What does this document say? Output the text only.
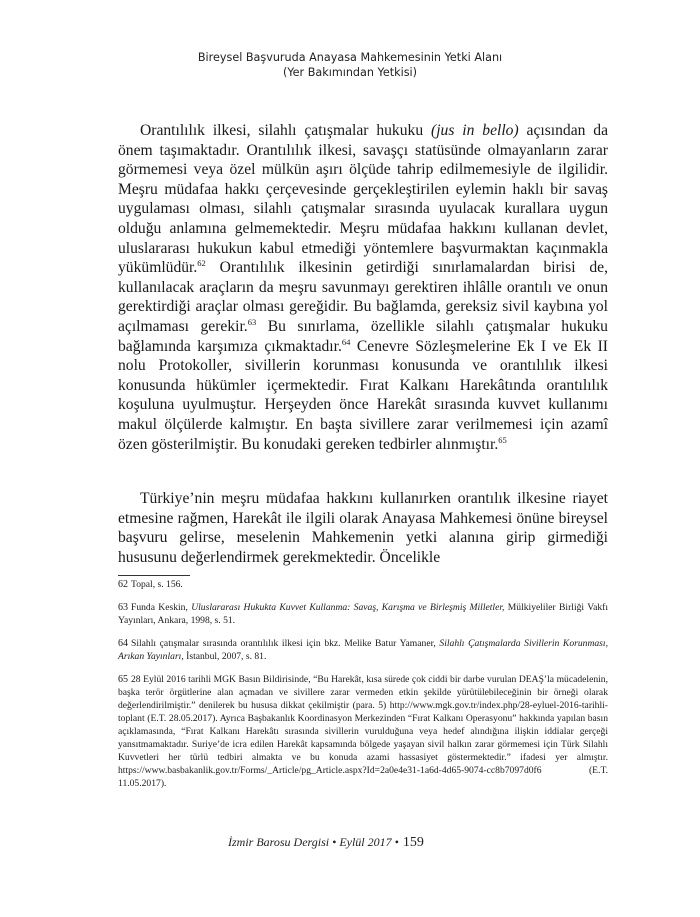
Bireysel Başvuruda Anayasa Mahkemesinin Yetki Alanı
(Yer Bakımından Yetkisi)

Orantılılık ilkesi, silahlı çatışmalar hukuku (jus in bello) açısından da önem taşımaktadır. Orantılılık ilkesi, savaşçı statüsünde olmayanların zarar görmemesi veya özel mülkün aşırı ölçüde tahrip edilmemesiyle de ilgilidir. Meşru müdafaa hakkı çerçevesinde gerçekleştirilen eylemin haklı bir savaş uygulaması olması, silahlı çatışmalar sırasında uyulacak kurallara uygun olduğu anlamına gelmemektedir. Meşru müdafaa hakkını kullanan devlet, uluslararası hukukun kabul etmediği yöntemlere başvurmaktan kaçınmakla yükümlüdür.$^{62}$ Orantılılık ilkesinin getirdiği sınırlamalardan birisi de, kullanılacak araçların da meşru savunmayı gerektiren ihlâlle orantılı ve onun gerektirdiği araçlar olması gereğidir. Bu bağlamda, gereksiz sivil kaybına yol açılmaması gerekir.$^{63}$ Bu sınırlama, özellikle silahlı çatışmalar hukuku bağlamında karşımıza çıkmaktadır.$^{64}$ Cenevre Sözleşmelerine Ek I ve Ek II nolu Protokoller, sivillerin korunması konusunda ve orantılılık ilkesi konusunda hükümler içermektedir. Fırat Kalkanı Harekâtında orantılılık koşuluna uyulmuştur. Herşeyden önce Harekât sırasında kuvvet kullanımı makul ölçülerde kalmıştır. En başta sivillere zarar verilmemesi için azamî özen gösterilmiştir. Bu konudaki gereken tedbirler alınmıştır.$^{65}$

Türkiye’nin meşru müdafaa hakkını kullanırken orantılık ilkesine riayet etmesine rağmen, Harekât ile ilgili olarak Anayasa Mahkemesi önüne bireysel başvuru gelirse, meselenin Mahkemenin yetki alanına girip girmediği hususunu değerlendirmek gerekmektedir. Öncelikle

62 Topal, s. 156.

63 Funda Keskin, Uluslararası Hukukta Kuvvet Kullanma: Savaş, Karışma ve Birleşmiş Milletler, Mülkiyeliler Birliği Vakfı Yayınları, Ankara, 1998, s. 51.

64 Silahlı çatışmalar sırasında orantılılık ilkesi için bkz. Melike Batur Yamaner, Silahlı Çatışmalarda Sivillerin Korunması, Arıkan Yayınları, İstanbul, 2007, s. 81.

65 28 Eylül 2016 tarihli MGK Basın Bildirisinde, “Bu Harekât, kısa sürede çok ciddi bir darbe vurulan DEAŞ’la mücadelenin, başka terör örgütlerine alan açmadan ve sivillere zarar vermeden etkin şekilde yürütülebileceğinin bir örneği olarak değerlendirilmiştir.” denilerek bu hususa dikkat çekilmiştir (para. 5) http://www.mgk.gov.tr/index.php/28-eyluel-2016-tarihli-toplant (E.T. 28.05.2017). Ayrıca Başbakanlık Koordinasyon Merkezinden “Fırat Kalkanı Operasyonu” hakkında yapılan basın açıklamasında, “Fırat Kalkanı Harekâtı sırasında sivillerin vurulduğuna veya hedef alındığına ilişkin iddialar gerçeği yansıtmamaktadır. Suriye’de icra edilen Harekât kapsamında bölgede yaşayan sivil halkın zarar görmemesi için Türk Silahlı Kuvvetleri her türlü tedbiri almakta ve bu konuda azami hassasiyet göstermektedir.” ifadesi yer almıştır. https://www.basbakanlik.gov.tr/Forms/_Article/pg_Article.aspx?Id=2a0e4e31-1a6d-4d65-9074-cc8b7097d0f6 (E.T. 11.05.2017).

İzmir Barosu Dergisi • Eylül 2017 • 159
